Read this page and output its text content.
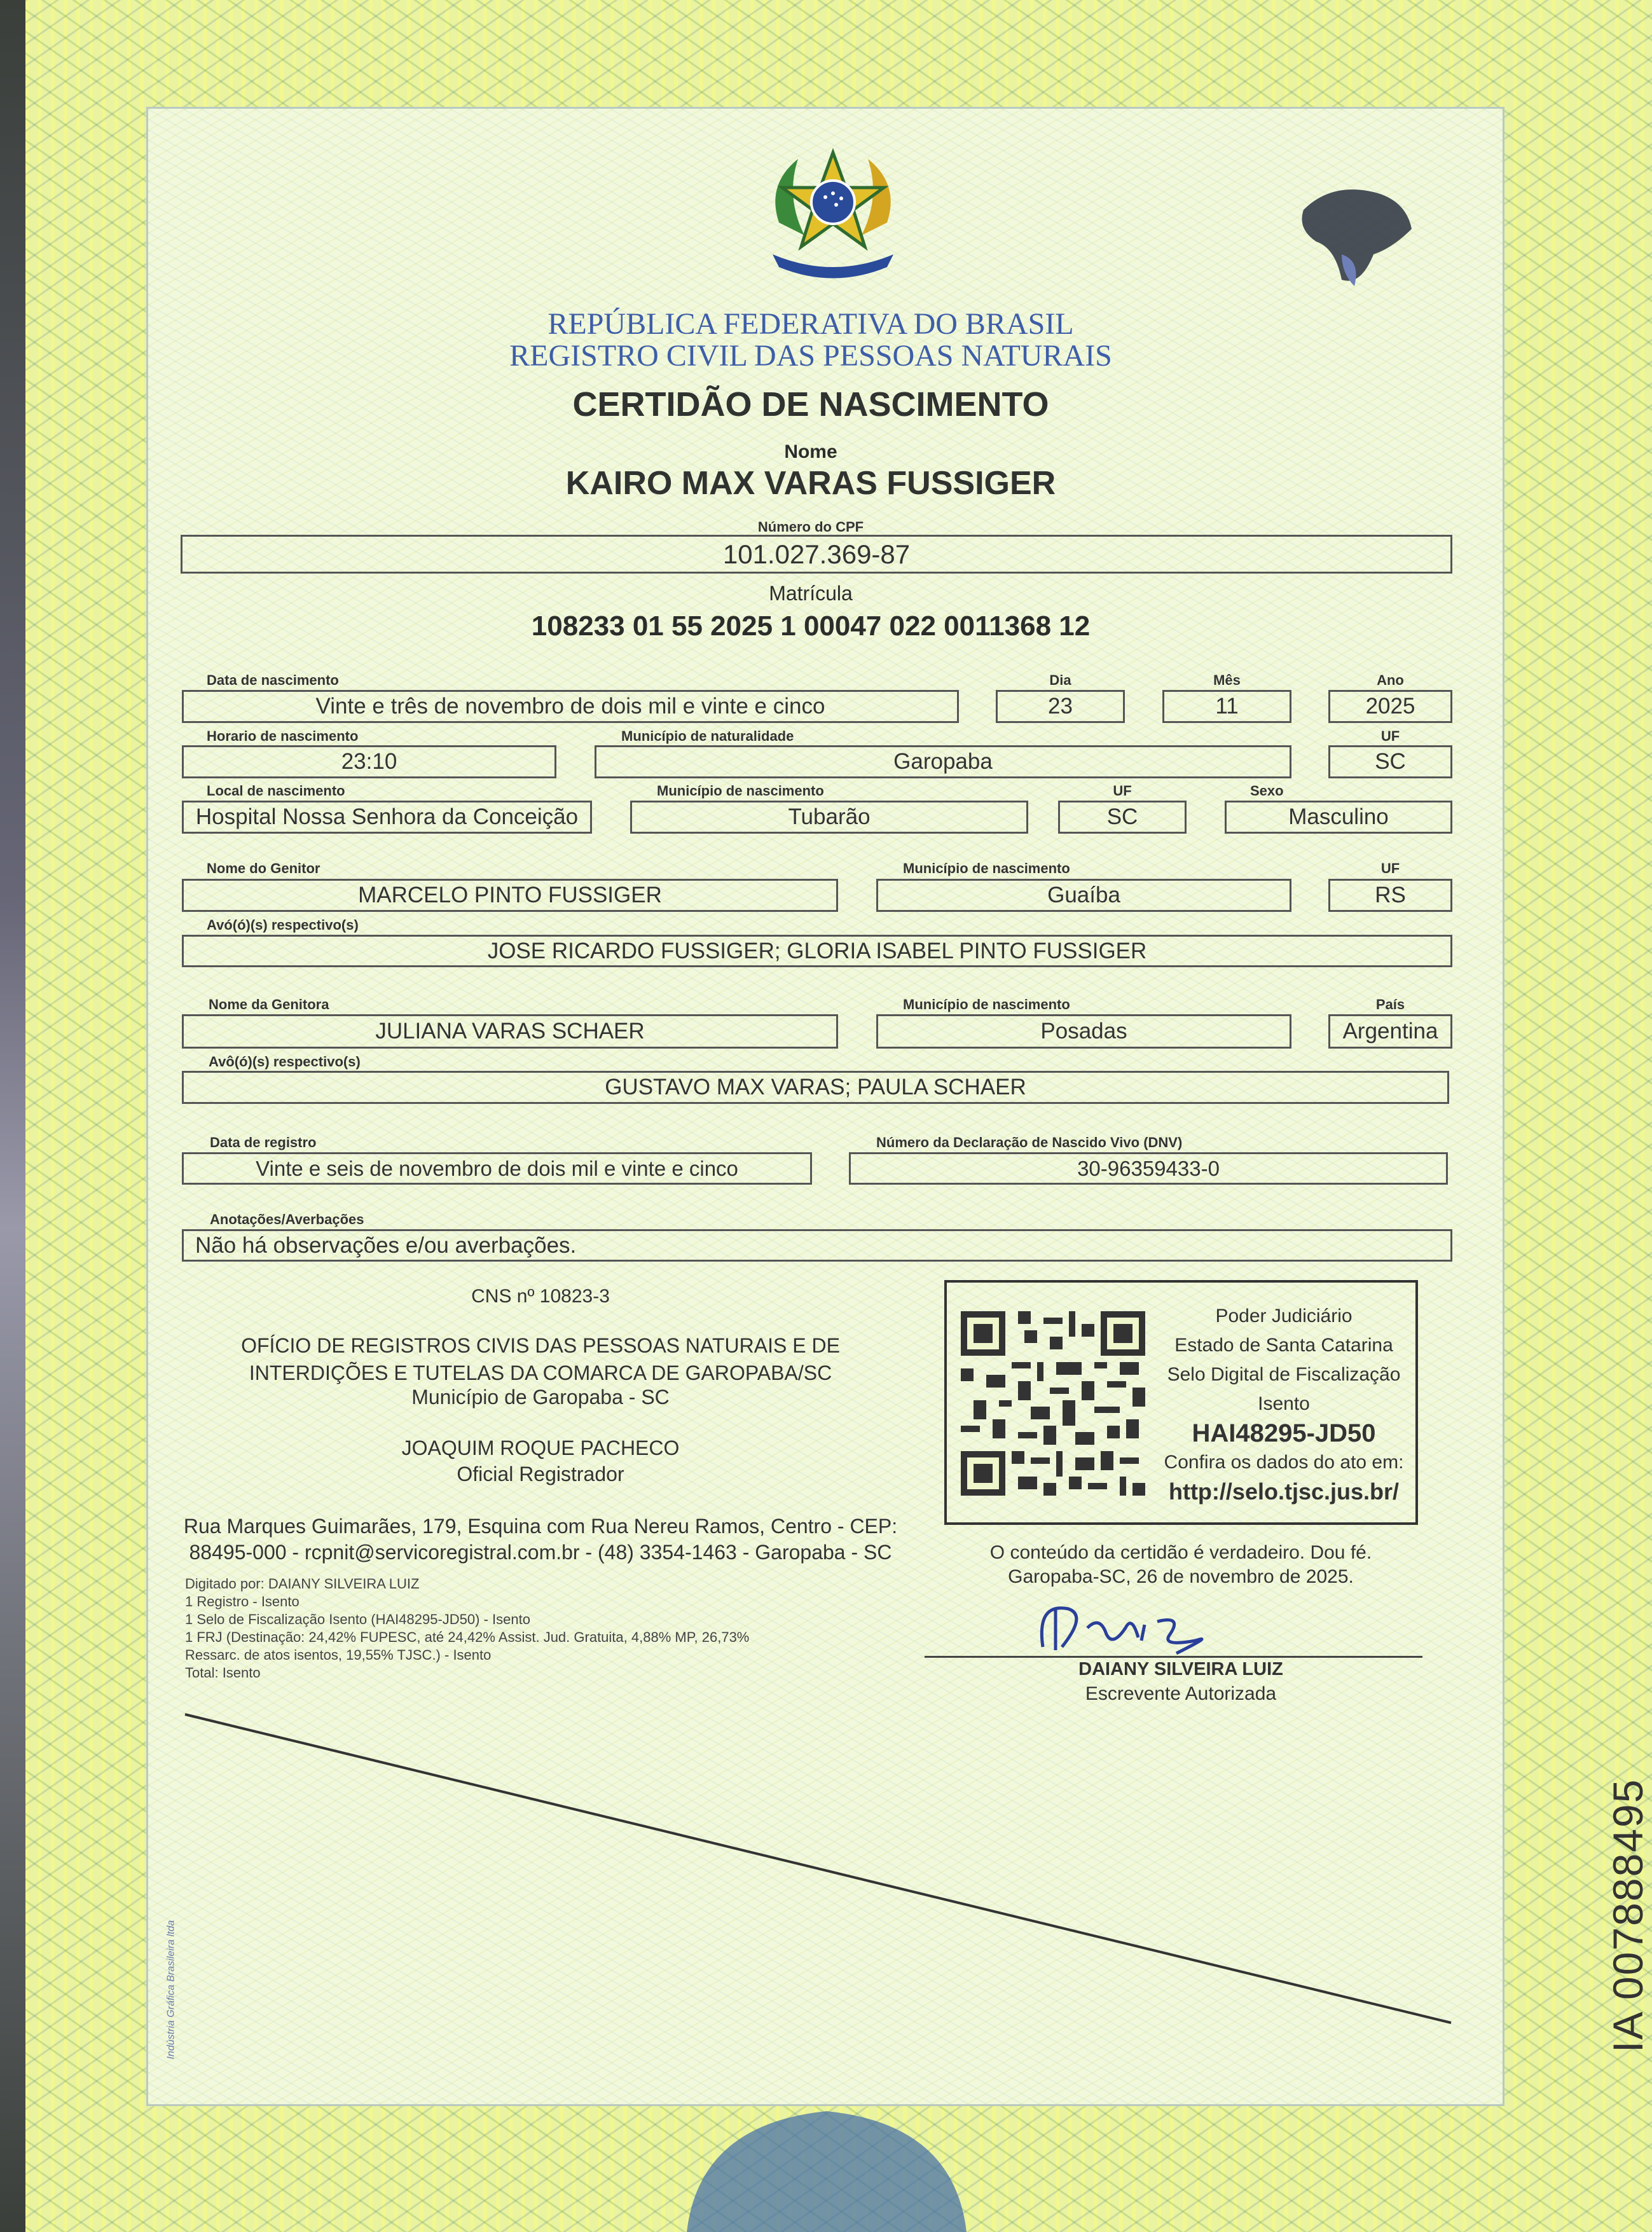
REPÚBLICA FEDERATIVA DO BRASIL
REGISTRO CIVIL DAS PESSOAS NATURAIS
CERTIDÃO DE NASCIMENTO
Nome
KAIRO MAX VARAS FUSSIGER
Número do CPF
101.027.369-87
Matrícula
108233 01 55 2025 1 00047 022 0011368 12
Data de nascimento	Dia	Mês	Ano
Vinte e três de novembro de dois mil e vinte e cinco	23	11	2025
Horario de nascimento	Município de naturalidade	UF
23:10	Garopaba	SC
Local de nascimento	Município de nascimento	UF	Sexo
Hospital Nossa Senhora da Conceição	Tubarão	SC	Masculino
Nome do Genitor	Município de nascimento	UF
MARCELO PINTO FUSSIGER	Guaíba	RS
Avó(ó)(s) respectivo(s)
JOSE RICARDO FUSSIGER; GLORIA ISABEL PINTO FUSSIGER
Nome da Genitora	Município de nascimento	País
JULIANA VARAS SCHAER	Posadas	Argentina
Avô(ó)(s) respectivo(s)
GUSTAVO MAX VARAS; PAULA SCHAER
Data de registro	Número da Declaração de Nascido Vivo (DNV)
Vinte e seis de novembro de dois mil e vinte e cinco	30-96359433-0
Anotações/Averbações
Não há observações e/ou averbações.
CNS nº 10823-3
OFÍCIO DE REGISTROS CIVIS DAS PESSOAS NATURAIS E DE
INTERDIÇÕES E TUTELAS DA COMARCA DE GAROPABA/SC
Município de Garopaba - SC
JOAQUIM ROQUE PACHECO
Oficial Registrador
Rua Marques Guimarães, 179, Esquina com Rua Nereu Ramos, Centro - CEP:
88495-000 - rcpnit@servicoregistral.com.br - (48) 3354-1463 - Garopaba - SC
Digitado por: DAIANY SILVEIRA LUIZ
1 Registro - Isento
1 Selo de Fiscalização Isento (HAI48295-JD50) - Isento
1 FRJ (Destinação: 24,42% FUPESC, até 24,42% Assist. Jud. Gratuita, 4,88% MP, 26,73%
Ressarc. de atos isentos, 19,55% TJSC.) - Isento
Total: Isento
Poder Judiciário
Estado de Santa Catarina
Selo Digital de Fiscalização
Isento
HAI48295-JD50
Confira os dados do ato em:
http://selo.tjsc.jus.br/
O conteúdo da certidão é verdadeiro. Dou fé.
Garopaba-SC, 26 de novembro de 2025.
DAIANY SILVEIRA LUIZ
Escrevente Autorizada
IA 007888495
Indústria Gráfica Brasileira ltda
